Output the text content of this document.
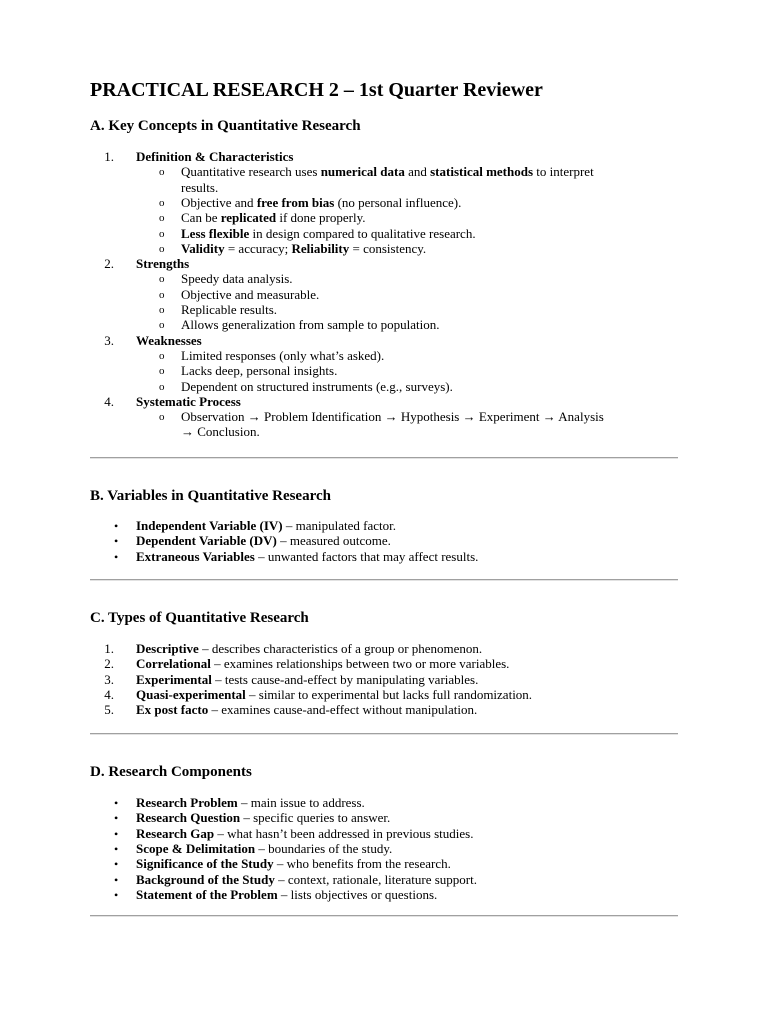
PRACTICAL RESEARCH 2 – 1st Quarter Reviewer
A. Key Concepts in Quantitative Research
B. Variables in Quantitative Research
C. Types of Quantitative Research
D. Research Components
1. Definition & Characteristics
o Quantitative research uses numerical data and statistical methods to interpret
results.
o Objective and free from bias (no personal influence).
o Can be replicated if done properly.
o Less flexible in design compared to qualitative research.
o Validity = accuracy; Reliability = consistency.
2. Strengths
o Speedy data analysis.
o Objective and measurable.
o Replicable results.
o Allows generalization from sample to population.
3. Weaknesses
o Limited responses (only what’s asked).
o Lacks deep, personal insights.
o Dependent on structured instruments (e.g., surveys).
4. Systematic Process
o Observation → Problem Identification → Hypothesis → Experiment → Analysis
→ Conclusion.
• Independent Variable (IV) – manipulated factor.
• Dependent Variable (DV) – measured outcome.
• Extraneous Variables – unwanted factors that may affect results.
1. Descriptive – describes characteristics of a group or phenomenon.
2. Correlational – examines relationships between two or more variables.
3. Experimental – tests cause-and-effect by manipulating variables.
4. Quasi-experimental – similar to experimental but lacks full randomization.
5. Ex post facto – examines cause-and-effect without manipulation.
• Research Problem – main issue to address.
• Research Question – specific queries to answer.
• Research Gap – what hasn’t been addressed in previous studies.
• Scope & Delimitation – boundaries of the study.
• Significance of the Study – who benefits from the research.
• Background of the Study – context, rationale, literature support.
• Statement of the Problem – lists objectives or questions.
